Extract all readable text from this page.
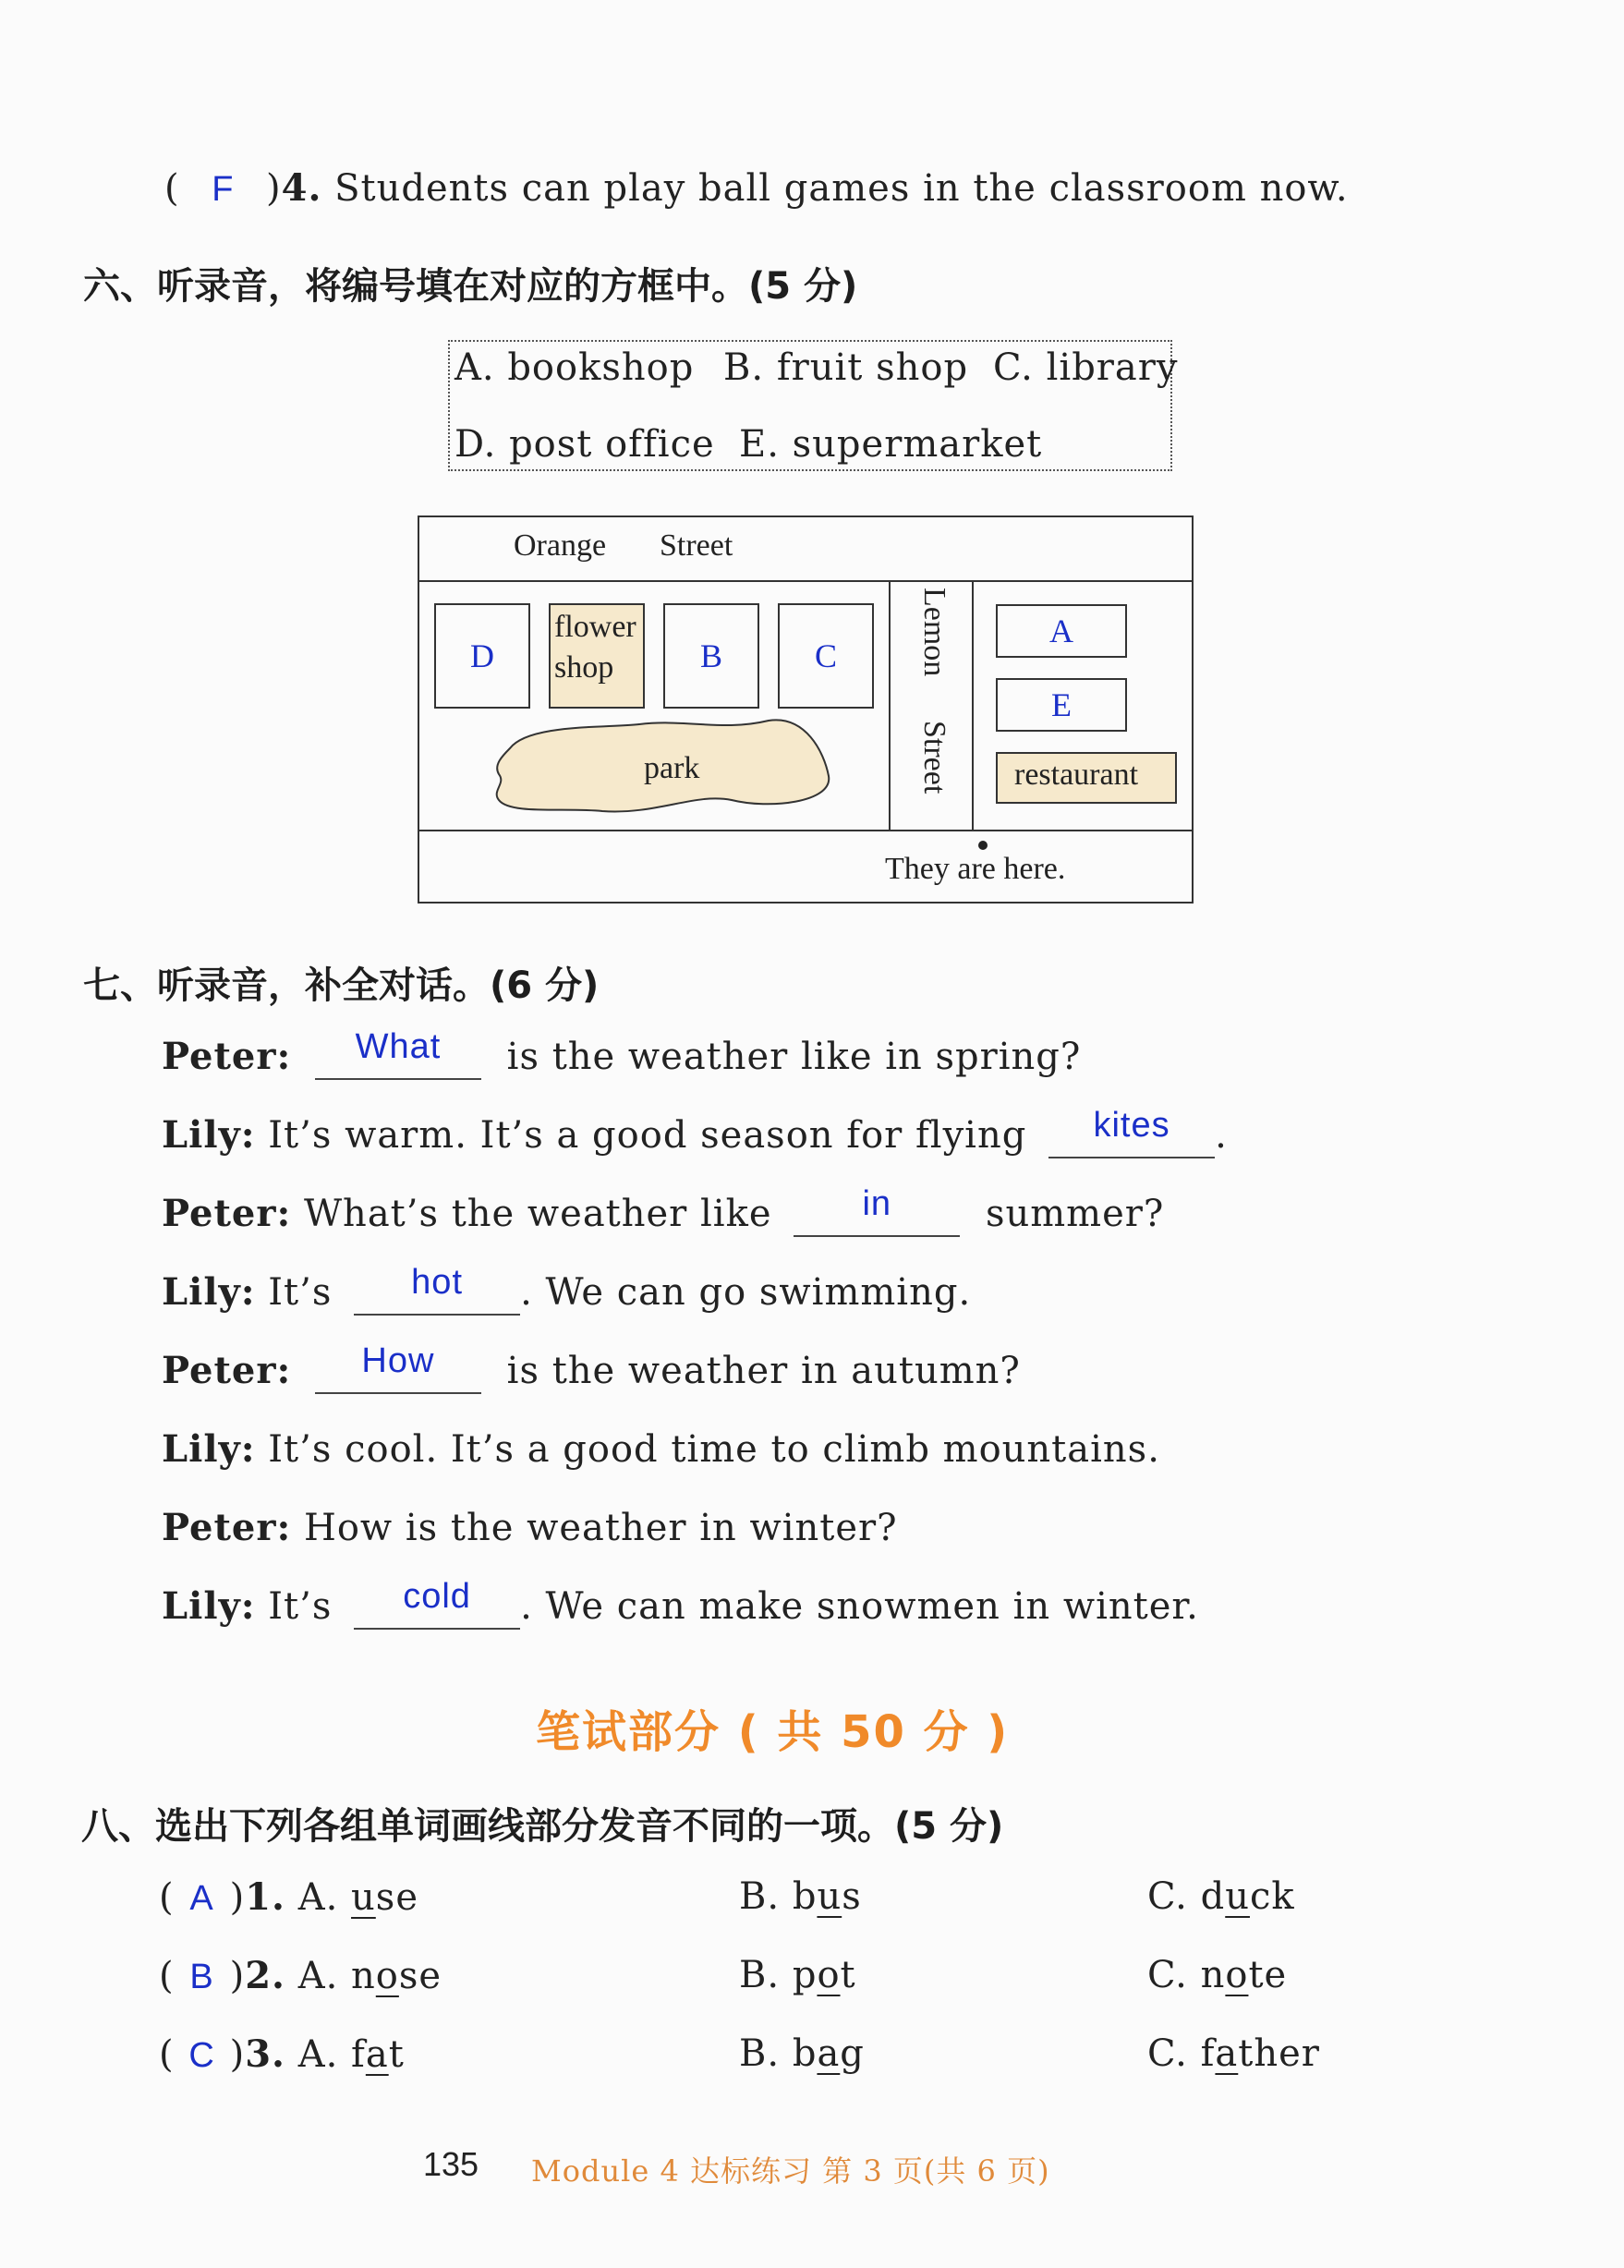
( F )4. Students can play ball games in the classroom now.
六、听录音，将编号填在对应的方框中。(5 分)
A. bookshop B. fruit shop C. library
D. post office E. supermarket
Orange Street
D
flower
shop	B	C
park
Lemon
Street
A
E
restaurant
They are here.
七、听录音，补全对话。(6 分)
Peter: What is the weather like in spring?
Lily: It’s warm. It’s a good season for flying kites .
Peter: What’s the weather like	in	summer?
Lily: It’s hot . We can go swimming.
Peter: How is the weather in autumn?
Lily: It’s cool. It’s a good time to climb mountains.
Peter: How is the weather in winter?
Lily: It’s cold . We can make snowmen in winter.
笔试部分 ( 共 50 分 )
八、选出下列各组单词画线部分发音不同的一项。(5 分)
( A )1. A. use	B. bus	C. duck
( B )2. A. nose	B. pot	C. note
( C )3. A. fat	B. bag	C. father
135 Module 4 达标练习 第 3 页(共 6 页)
